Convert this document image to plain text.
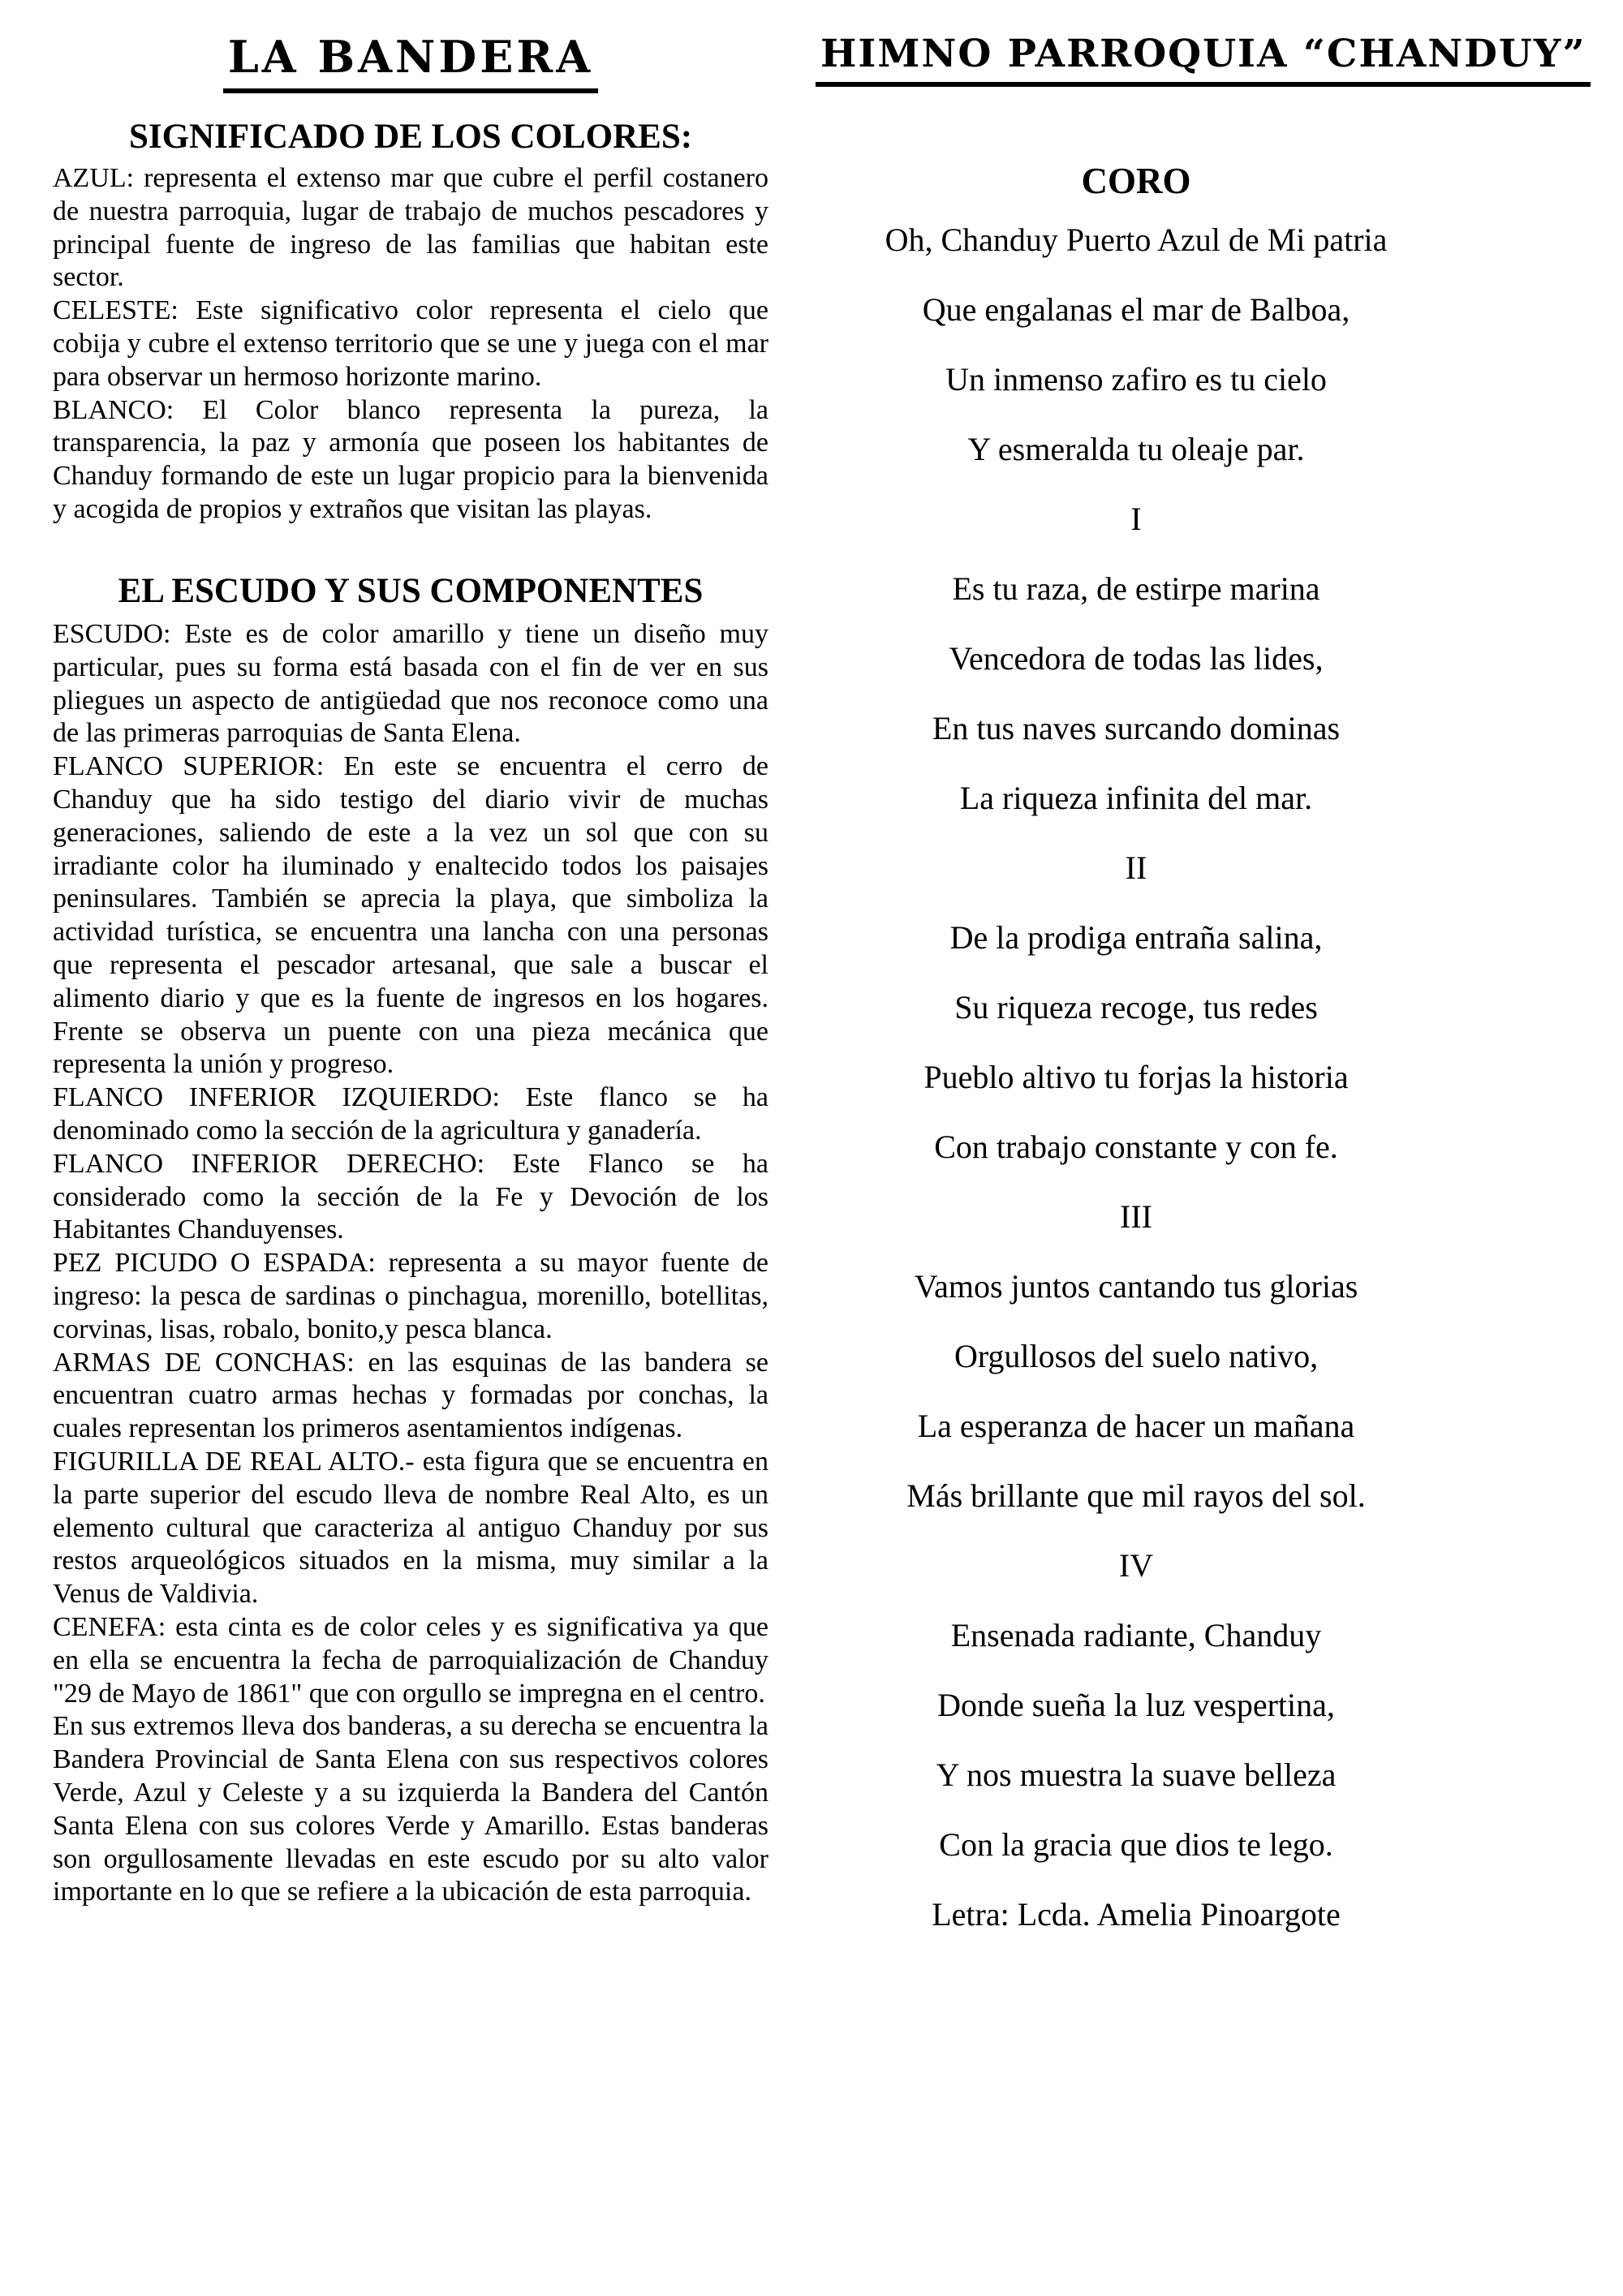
LA BANDERA
SIGNIFICADO DE LOS COLORES:

AZUL: representa el extenso mar que cubre el perfil costanero de nuestra parroquia, lugar de trabajo de muchos pescadores y principal fuente de ingreso de las familias que habitan este sector.

CELESTE: Este significativo color representa el cielo que cobija y cubre el extenso territorio que se une y juega con el mar para observar un hermoso horizonte marino.

BLANCO: El Color blanco representa la pureza, la transparencia, la paz y armonía que poseen los habitantes de Chanduy formando de este un lugar propicio para la bienvenida y acogida de propios y extraños que visitan las playas.

EL ESCUDO Y SUS COMPONENTES

ESCUDO: Este es de color amarillo y tiene un diseño muy particular, pues su forma está basada con el fin de ver en sus pliegues un aspecto de antigüedad que nos reconoce como una de las primeras parroquias de Santa Elena.

FLANCO SUPERIOR: En este se encuentra el cerro de Chanduy que ha sido testigo del diario vivir de muchas generaciones, saliendo de este a la vez un sol que con su irradiante color ha iluminado y enaltecido todos los paisajes peninsulares. También se aprecia la playa, que simboliza la actividad turística, se encuentra una lancha con una personas que representa el pescador artesanal, que sale a buscar el alimento diario y que es la fuente de ingresos en los hogares. Frente se observa un puente con una pieza mecánica que representa la unión y progreso.

FLANCO INFERIOR IZQUIERDO: Este flanco se ha denominado como la sección de la agricultura y ganadería.

FLANCO INFERIOR DERECHO: Este Flanco se ha considerado como la sección de la Fe y Devoción de los Habitantes Chanduyenses.

PEZ PICUDO O ESPADA: representa a su mayor fuente de ingreso: la pesca de sardinas o pinchagua, morenillo, botellitas, corvinas, lisas, robalo, bonito,y pesca blanca.

ARMAS DE CONCHAS: en las esquinas de las bandera se encuentran cuatro armas hechas y formadas por conchas, la cuales representan los primeros asentamientos indígenas.

FIGURILLA DE REAL ALTO.- esta figura que se encuentra en la parte superior del escudo lleva de nombre Real Alto, es un elemento cultural que caracteriza al antiguo Chanduy por sus restos arqueológicos situados en la misma, muy similar a la Venus de Valdivia.

CENEFA: esta cinta es de color celes y es significativa ya que en ella se encuentra la fecha de parroquialización de Chanduy "29 de Mayo de 1861" que con orgullo se impregna en el centro.

En sus extremos lleva dos banderas, a su derecha se encuentra la Bandera Provincial de Santa Elena con sus respectivos colores Verde, Azul y Celeste y a su izquierda la Bandera del Cantón Santa Elena con sus colores Verde y Amarillo. Estas banderas son orgullosamente llevadas en este escudo por su alto valor importante en lo que se refiere a la ubicación de esta parroquia.

HIMNO PARROQUIA “CHANDUY”
CORO
Oh, Chanduy Puerto Azul de Mi patria
Que engalanas el mar de Balboa,
Un inmenso zafiro es tu cielo
Y esmeralda tu oleaje par.
I
Es tu raza, de estirpe marina
Vencedora de todas las lides,
En tus naves surcando dominas
La riqueza infinita del mar.
II
De la prodiga entraña salina,
Su riqueza recoge, tus redes
Pueblo altivo tu forjas la historia
Con trabajo constante y con fe.
III
Vamos juntos cantando tus glorias
Orgullosos del suelo nativo,
La esperanza de hacer un mañana
Más brillante que mil rayos del sol.
IV
Ensenada radiante, Chanduy
Donde sueña la luz vespertina,
Y nos muestra la suave belleza
Con la gracia que dios te lego.
Letra: Lcda. Amelia Pinoargote
